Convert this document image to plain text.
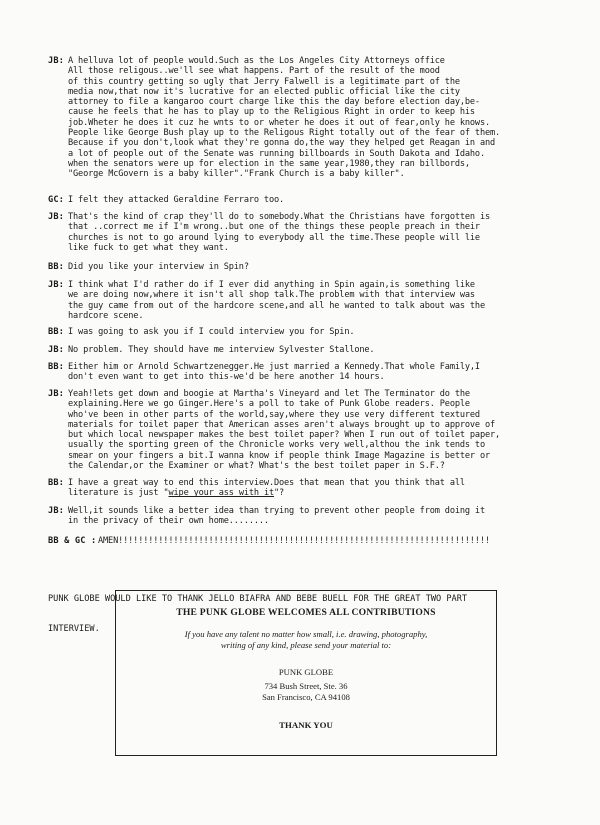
JB: A helluva lot of people would.Such as the Los Angeles City Attorneys office
All those religous..we'll see what happens. Part of the result of the mood
of this country getting so ugly that Jerry Falwell is a legitimate part of the
media now,that now it's lucrative for an elected public official like the city
attorney to file a kangaroo court charge like this the day before election day,be-
cause he feels that he has to play up to the Religious Right in order to keep his
job.Wheter he does it cuz he wnts to or wheter he does it out of fear,only he knows.
People like George Bush play up to the Religous Right totally out of the fear of them.
Because if you don't,look what they're gonna do,the way they helped get Reagan in and
a lot of people out of the Senate was running billboards in South Dakota and Idaho.
when the senators were up for election in the same year,1980,they ran billbords,
"George McGovern is a baby killer"."Frank Church is a baby killer".
GC: I felt they attacked Geraldine Ferraro too.
JB: That's the kind of crap they'll do to somebody.What the Christians have forgotten is
that ..correct me if I'm wrong..but one of the things these people preach in their
churches is not to go around lying to everybody all the time.These people will lie
like fuck to get what they want.
BB: Did you like your interview in Spin?
JB: I think what I'd rather do if I ever did anything in Spin again,is something like
we are doing now,where it isn't all shop talk.The problem with that interview was
the guy came from out of the hardcore scene,and all he wanted to talk about was the
hardcore scene.
BB: I was going to ask you if I could interview you for Spin.
JB: No problem. They should have me interview Sylvester Stallone.
BB: Either him or Arnold Schwartzenegger.He just married a Kennedy.That whole Family,I
don't even want to get into this-we'd be here another 14 hours.
JB: Yeah!lets get down and boogie at Martha's Vineyard and let The Terminator do the
explaining.Here we go Ginger.Here's a poll to take of Punk Globe readers. People
who've been in other parts of the world,say,where they use very different textured
materials for toilet paper that American asses aren't always brought up to approve of
but which local newspaper makes the best toilet paper? When I run out of toilet paper,
usually the sporting green of the Chronicle works very well,althou the ink tends to
smear on your fingers a bit.I wanna know if people think Image Magazine is better or
the Calendar,or the Examiner or what? What's the best toilet paper in S.F.?
BB: I have a great way to end this interview.Does that mean that you think that all
literature is just "wipe your ass with it"?
JB: Well,it sounds like a better idea than trying to prevent other people from doing it
in the privacy of their own home........
BB & GC : AMEN!!!!!!!!!!!!!!!!!!!!!!!!!!!!!!!!!!!!!!!!!!!!!!!!!!!!!!!!!!!!!!!!!!!!!!!!!!

PUNK GLOBE WOULD LIKE TO THANK JELLO BIAFRA AND BEBE BUELL FOR THE GREAT TWO PART

INTERVIEW.

THE PUNK GLOBE WELCOMES ALL CONTRIBUTIONS
If you have any talent no matter how small, i.e. drawing, photography,
writing of any kind, please send your material to:
PUNK GLOBE
734 Bush Street, Ste. 36
San Francisco, CA 94108
THANK YOU
